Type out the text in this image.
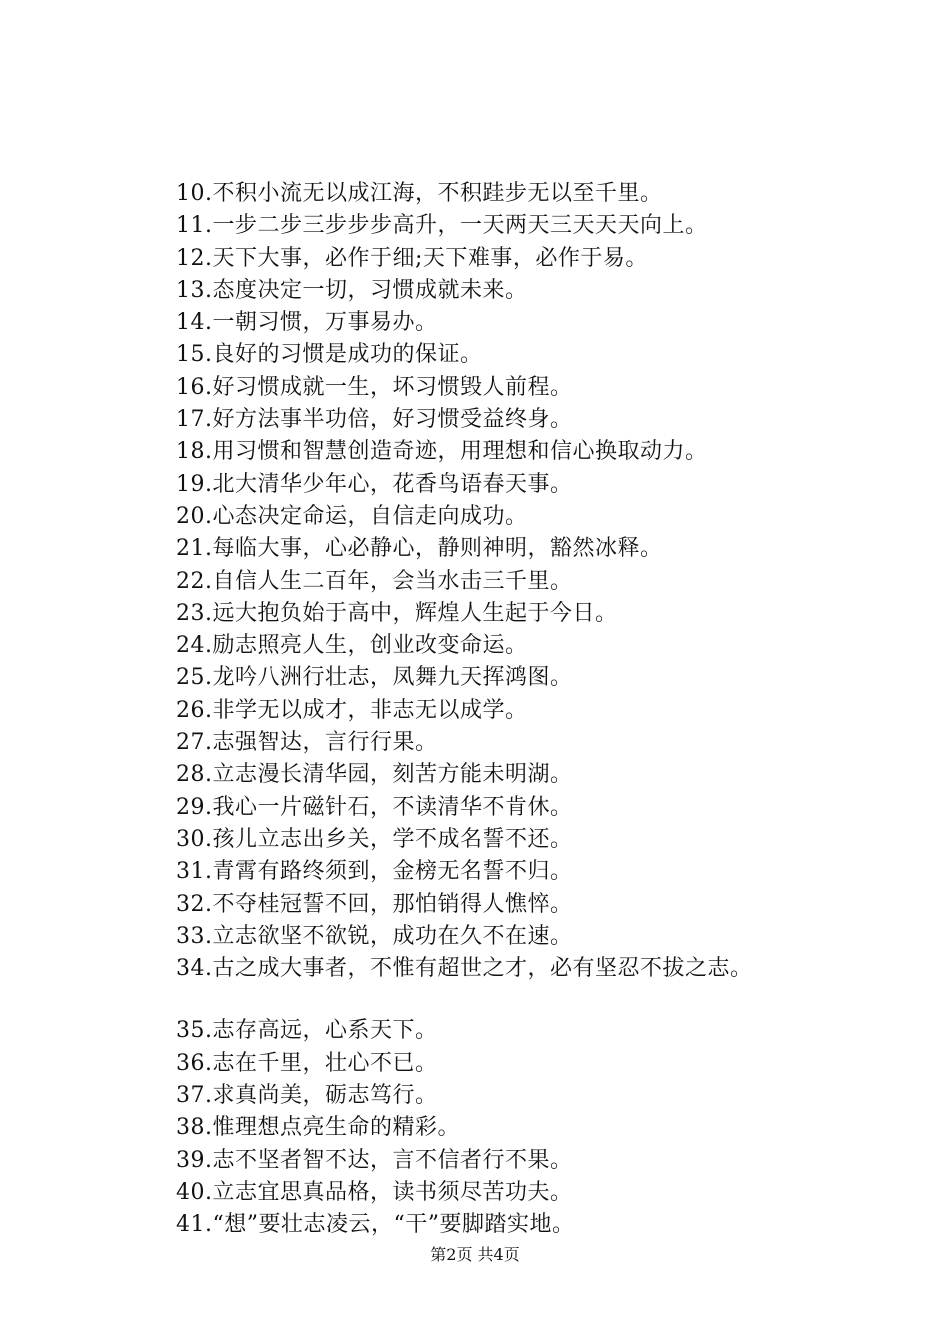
10.不积小流无以成江海，不积跬步无以至千里。
11.一步二步三步步步高升，一天两天三天天天向上。
12.天下大事，必作于细;天下难事，必作于易。
13.态度决定一切，习惯成就未来。
14.一朝习惯，万事易办。
15.良好的习惯是成功的保证。
16.好习惯成就一生，坏习惯毁人前程。
17.好方法事半功倍，好习惯受益终身。
18.用习惯和智慧创造奇迹，用理想和信心换取动力。
19.北大清华少年心，花香鸟语春天事。
20.心态决定命运，自信走向成功。
21.每临大事，心必静心，静则神明，豁然冰释。
22.自信人生二百年，会当水击三千里。
23.远大抱负始于高中，辉煌人生起于今日。
24.励志照亮人生，创业改变命运。
25.龙吟八洲行壮志，凤舞九天挥鸿图。
26.非学无以成才，非志无以成学。
27.志强智达，言行行果。
28.立志漫长清华园，刻苦方能未明湖。
29.我心一片磁针石，不读清华不肯休。
30.孩儿立志出乡关，学不成名誓不还。
31.青霄有路终须到，金榜无名誓不归。
32.不夺桂冠誓不回，那怕销得人憔悴。
33.立志欲坚不欲锐，成功在久不在速。
34.古之成大事者，不惟有超世之才，必有坚忍不拔之志。
35.志存高远，心系天下。
36.志在千里，壮心不已。
37.求真尚美，砺志笃行。
38.惟理想点亮生命的精彩。
39.志不坚者智不达，言不信者行不果。
40.立志宜思真品格，读书须尽苦功夫。
41.“想”要壮志凌云，“干”要脚踏实地。
第2页 共4页
